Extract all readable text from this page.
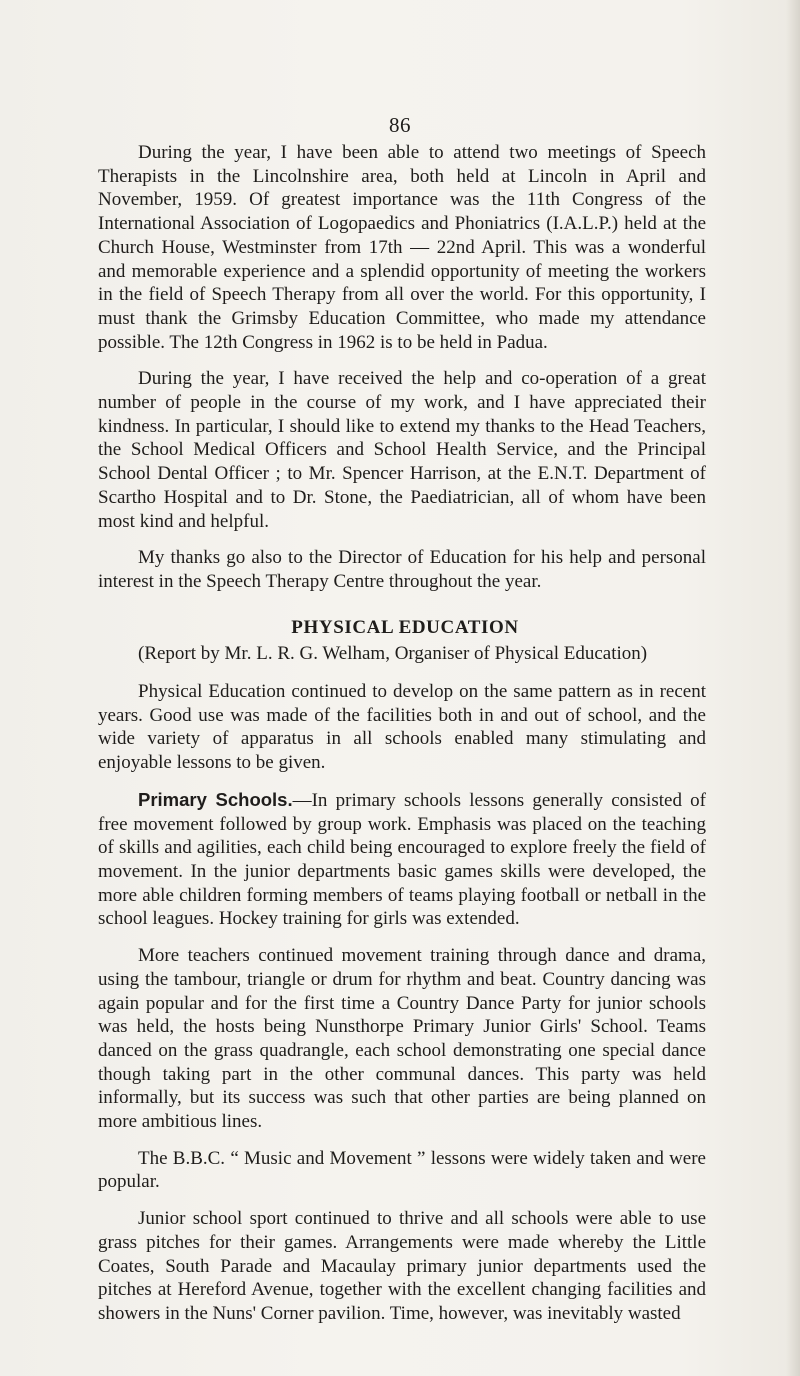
86

During the year, I have been able to attend two meetings of Speech Therapists in the Lincolnshire area, both held at Lincoln in April and November, 1959. Of greatest importance was the 11th Congress of the International Association of Logopaedics and Phoniatrics (I.A.L.P.) held at the Church House, Westminster from 17th — 22nd April. This was a wonderful and memorable experience and a splendid opportunity of meeting the workers in the field of Speech Therapy from all over the world. For this opportunity, I must thank the Grimsby Education Committee, who made my attendance possible. The 12th Congress in 1962 is to be held in Padua.

During the year, I have received the help and co-operation of a great number of people in the course of my work, and I have appreciated their kindness. In particular, I should like to extend my thanks to the Head Teachers, the School Medical Officers and School Health Service, and the Principal School Dental Officer ; to Mr. Spencer Harrison, at the E.N.T. Department of Scartho Hospital and to Dr. Stone, the Paediatrician, all of whom have been most kind and helpful.

My thanks go also to the Director of Education for his help and personal interest in the Speech Therapy Centre throughout the year.

PHYSICAL EDUCATION

(Report by Mr. L. R. G. Welham, Organiser of Physical Education)

Physical Education continued to develop on the same pattern as in recent years. Good use was made of the facilities both in and out of school, and the wide variety of apparatus in all schools enabled many stimulating and enjoyable lessons to be given.

Primary Schools.—In primary schools lessons generally consisted of free movement followed by group work. Emphasis was placed on the teaching of skills and agilities, each child being encouraged to explore freely the field of movement. In the junior departments basic games skills were developed, the more able children forming members of teams playing football or netball in the school leagues. Hockey training for girls was extended.

More teachers continued movement training through dance and drama, using the tambour, triangle or drum for rhythm and beat. Country dancing was again popular and for the first time a Country Dance Party for junior schools was held, the hosts being Nunsthorpe Primary Junior Girls' School. Teams danced on the grass quadrangle, each school demonstrating one special dance though taking part in the other communal dances. This party was held informally, but its success was such that other parties are being planned on more ambitious lines.

The B.B.C. “ Music and Movement ” lessons were widely taken and were popular.

Junior school sport continued to thrive and all schools were able to use grass pitches for their games. Arrangements were made whereby the Little Coates, South Parade and Macaulay primary junior departments used the pitches at Hereford Avenue, together with the excellent changing facilities and showers in the Nuns' Corner pavilion. Time, however, was inevitably wasted
